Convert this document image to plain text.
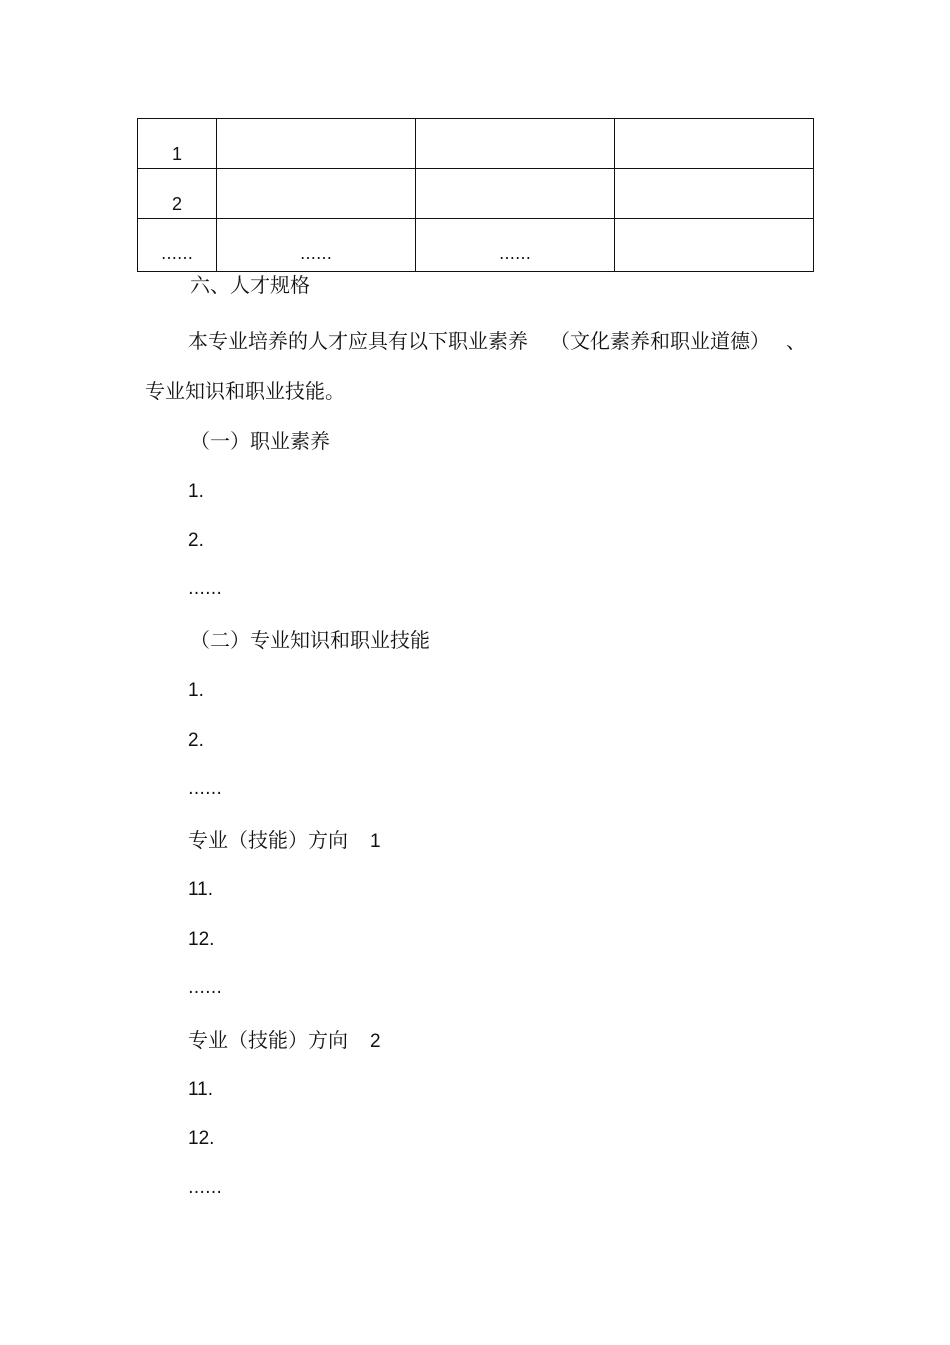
1			
2			
……	……	……	
六、人才规格
本专业培养的人才应具有以下职业素养 （文化素养和职业道德） 、
专业知识和职业技能。
（一）职业素养
1.
2.
……
（二）专业知识和职业技能
1.
2.
……
专业（技能）方向 1
11.
12.
……
专业（技能）方向 2
11.
12.
……
